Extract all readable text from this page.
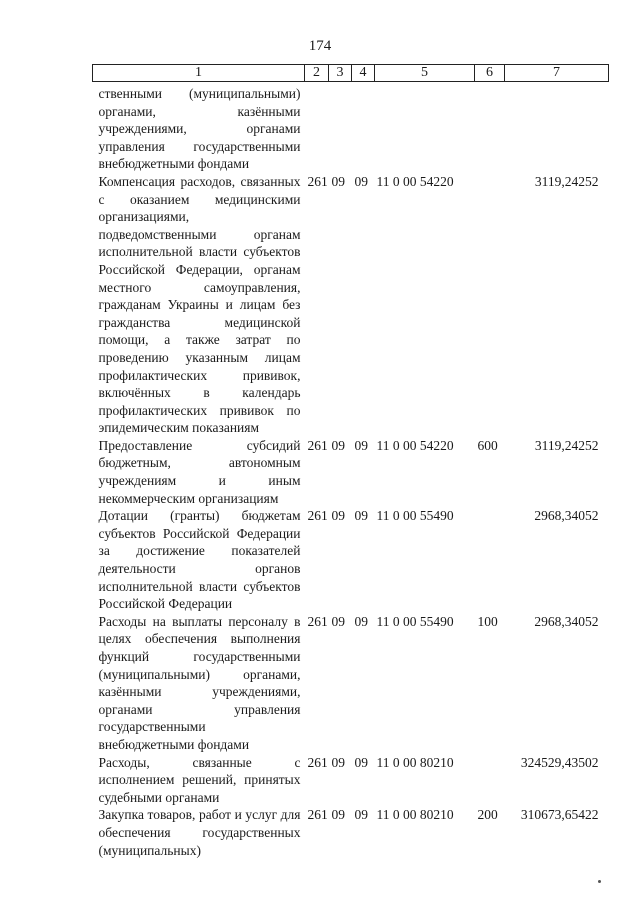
174
1	2	3	4	5	6	7
ственными (муниципальными) органами, казёнными учреждениями, органами управления государственными внебюджетными фондами						
Компенсация расходов, связанных с оказанием медицинскими организациями, подведомственными органам исполнительной власти субъектов Российской Федерации, органам местного самоуправления, гражданам Украины и лицам без гражданства медицинской помощи, а также затрат по проведению указанным лицам профилактических прививок, включённых в календарь профилактических прививок по эпидемическим показаниям	261	09	09	11 0 00 54220		3119,24252
Предоставление субсидий бюджетным, автономным учреждениям и иным некоммерческим организациям	261	09	09	11 0 00 54220	600	3119,24252
Дотации (гранты) бюджетам субъектов Российской Федерации за достижение показателей деятельности органов исполнительной власти субъектов Российской Федерации	261	09	09	11 0 00 55490		2968,34052
Расходы на выплаты персоналу в целях обеспечения выполнения функций государственными (муниципальными) органами, казёнными учреждениями, органами управления государственными внебюджетными фондами	261	09	09	11 0 00 55490	100	2968,34052
Расходы, связанные с исполнением решений, принятых судебными органами	261	09	09	11 0 00 80210		324529,43502
Закупка товаров, работ и услуг для обеспечения государственных (муниципальных)	261	09	09	11 0 00 80210	200	310673,65422
